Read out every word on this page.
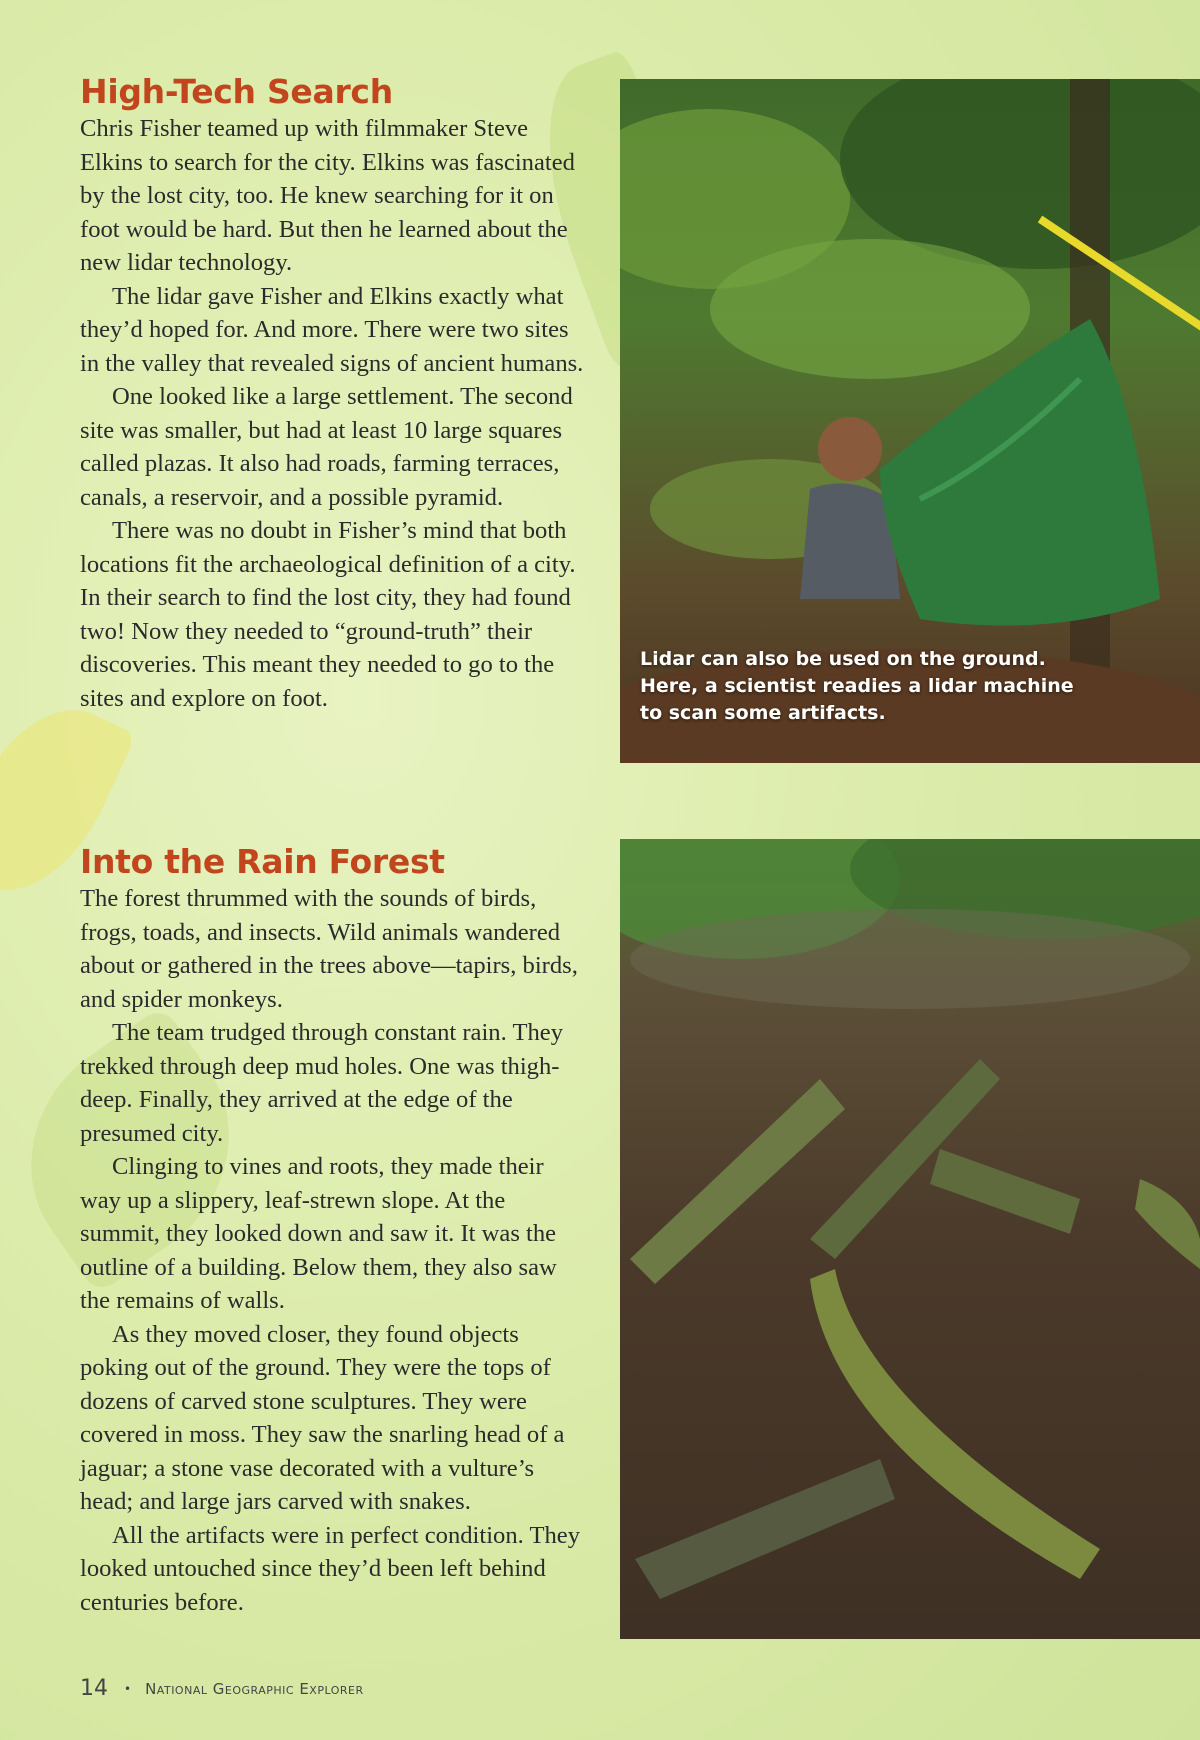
High-Tech Search

Chris Fisher teamed up with filmmaker Steve Elkins to search for the city. Elkins was fascinated by the lost city, too. He knew searching for it on foot would be hard. But then he learned about the new lidar technology.

The lidar gave Fisher and Elkins exactly what they’d hoped for. And more. There were two sites in the valley that revealed signs of ancient humans.

One looked like a large settlement. The second site was smaller, but had at least 10 large squares called plazas. It also had roads, farming terraces, canals, a reservoir, and a possible pyramid.

There was no doubt in Fisher’s mind that both locations fit the archaeological definition of a city. In their search to find the lost city, they had found two! Now they needed to “ground-truth” their discoveries. This meant they needed to go to the sites and explore on foot.

Into the Rain Forest

The forest thrummed with the sounds of birds, frogs, toads, and insects. Wild animals wandered about or gathered in the trees above—tapirs, birds, and spider monkeys.

The team trudged through constant rain. They trekked through deep mud holes. One was thigh-deep. Finally, they arrived at the edge of the presumed city.

Clinging to vines and roots, they made their way up a slippery, leaf-strewn slope. At the summit, they looked down and saw it. It was the outline of a building. Below them, they also saw the remains of walls.

As they moved closer, they found objects poking out of the ground. They were the tops of dozens of carved stone sculptures. They were covered in moss. They saw the snarling head of a jaguar; a stone vase decorated with a vulture’s head; and large jars carved with snakes.

All the artifacts were in perfect condition. They looked untouched since they’d been left behind centuries before.

Lidar can also be used on the ground. Here, a scientist readies a lidar machine to scan some artifacts.
14 • National Geographic Explorer
